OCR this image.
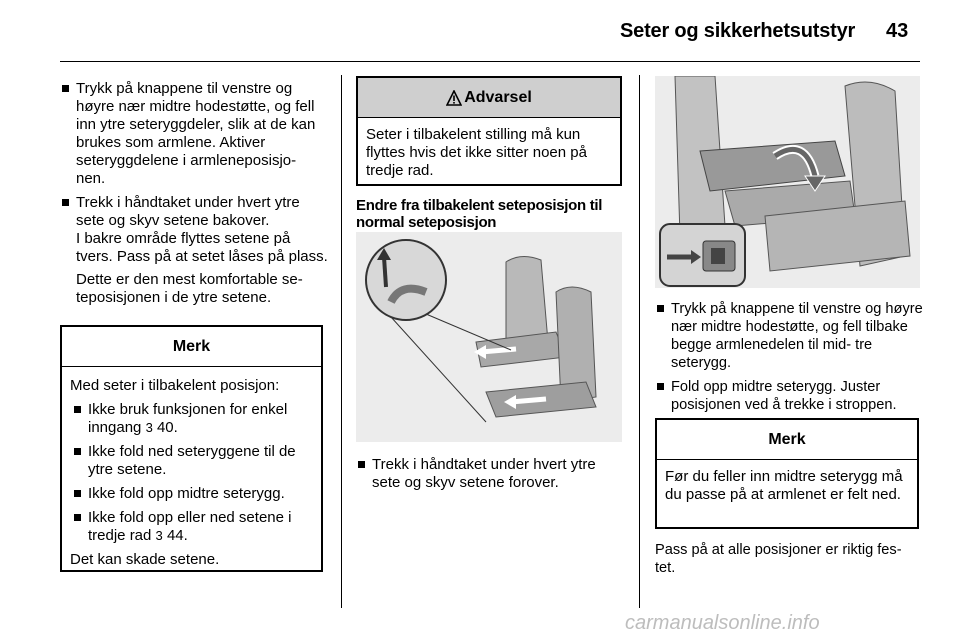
Seter og sikkerhetsutstyr 43
Trykk på knappene til venstre og høyre nær midtre hodestøtte, og fell inn ytre seteryggdeler, slik at de kan brukes som armlene. Aktiver seteryggdelene i armleneposisjo- nen.
Trekk i håndtaket under hvert ytre sete og skyv setene bakover.
I bakre område flyttes setene på tvers. Pass på at setet låses på plass.
Dette er den mest komfortable se- teposisjonen i de ytre setene.
Merk

Med seter i tilbakelent posisjon:

Ikke bruk funksjonen for enkel inngang 3 40.
Ikke fold ned seteryggene til de ytre setene.
Ikke fold opp midtre seterygg.
Ikke fold opp eller ned setene i tredje rad 3 44.

Det kan skade setene.

Advarsel
Seter i tilbakelent stilling må kun flyttes hvis det ikke sitter noen på tredje rad.
Endre fra tilbakelent seteposisjon til normal seteposisjon
Trekk i håndtaket under hvert ytre sete og skyv setene forover.
Trykk på knappene til venstre og høyre nær midtre hodestøtte, og fell tilbake begge armlenedelen til mid- tre seterygg.
Fold opp midtre seterygg. Juster posisjonen ved å trekke i stroppen.
Merk
Før du feller inn midtre seterygg må du passe på at armlenet er felt ned.
Pass på at alle posisjoner er riktig fes- tet.
carmanualsonline.info
